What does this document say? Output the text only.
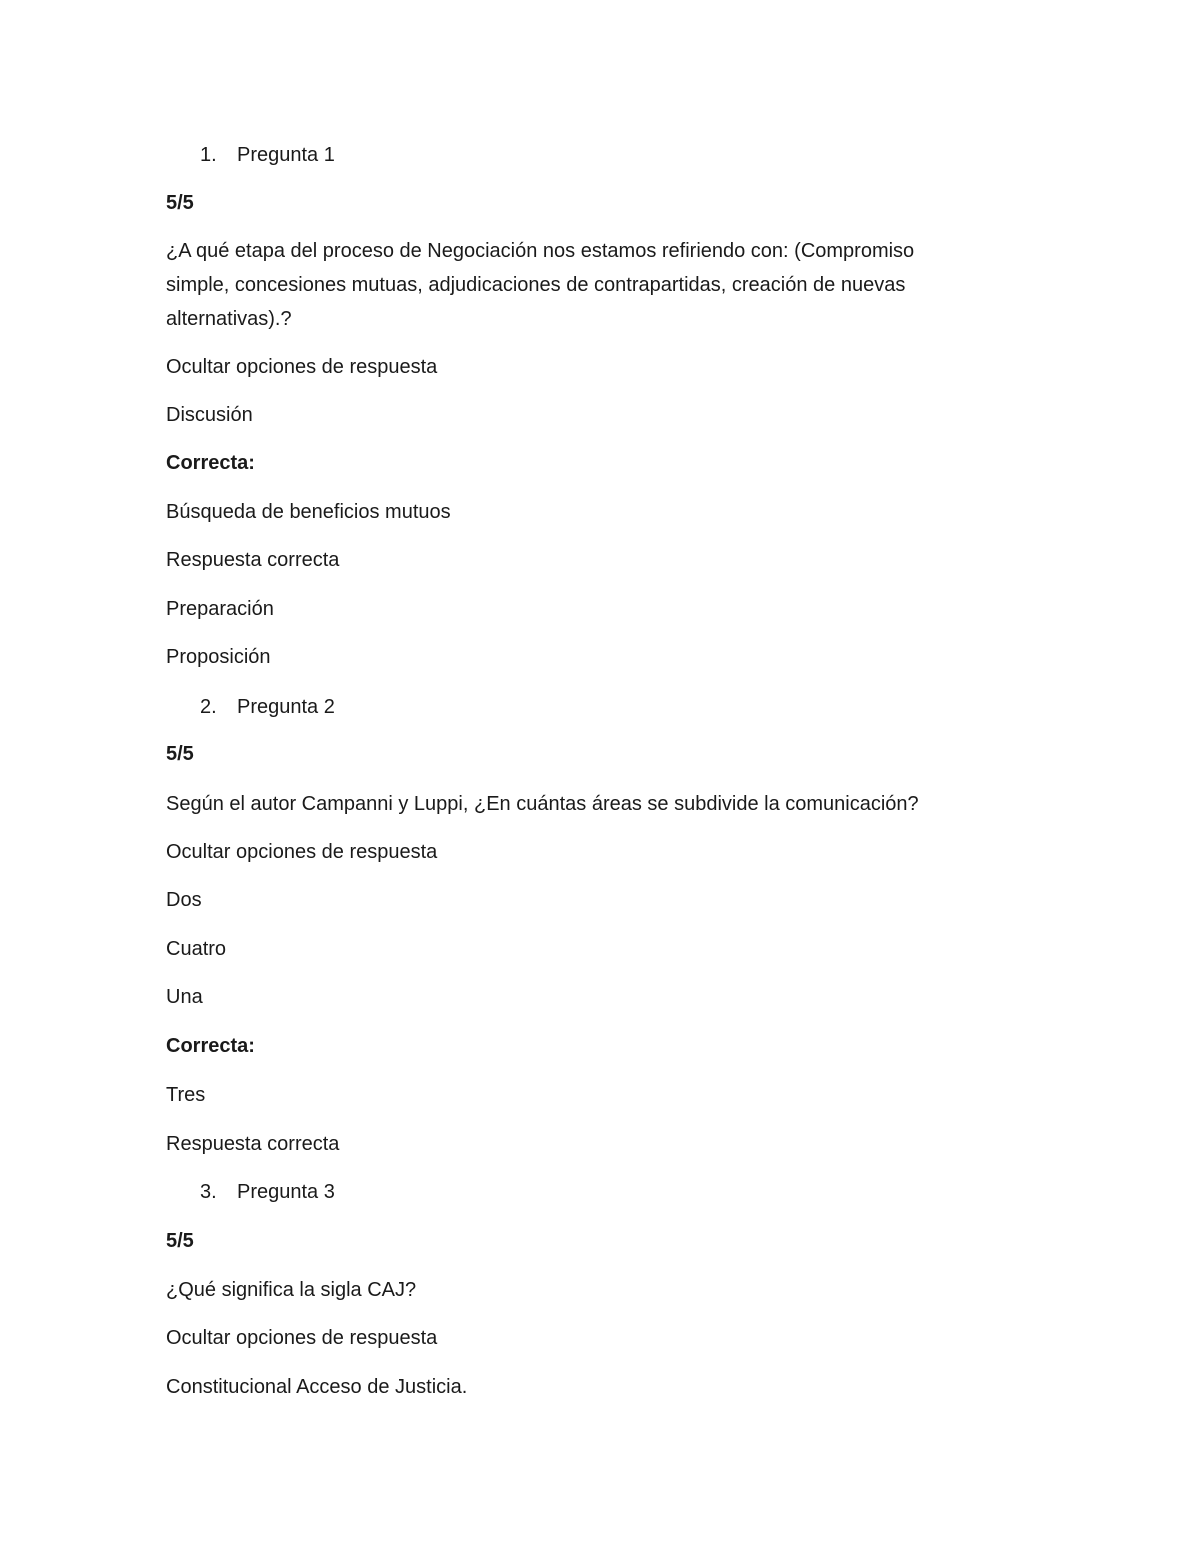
1. Pregunta 1
5/5
¿A qué etapa del proceso de Negociación nos estamos refiriendo con: (Compromiso
simple, concesiones mutuas, adjudicaciones de contrapartidas, creación de nuevas
alternativas).?
Ocultar opciones de respuesta
Discusión
Correcta:
Búsqueda de beneficios mutuos
Respuesta correcta
Preparación
Proposición
2. Pregunta 2
5/5
Según el autor Campanni y Luppi, ¿En cuántas áreas se subdivide la comunicación?
Ocultar opciones de respuesta
Dos
Cuatro
Una
Correcta:
Tres
Respuesta correcta
3. Pregunta 3
5/5
¿Qué significa la sigla CAJ?
Ocultar opciones de respuesta
Constitucional Acceso de Justicia.
